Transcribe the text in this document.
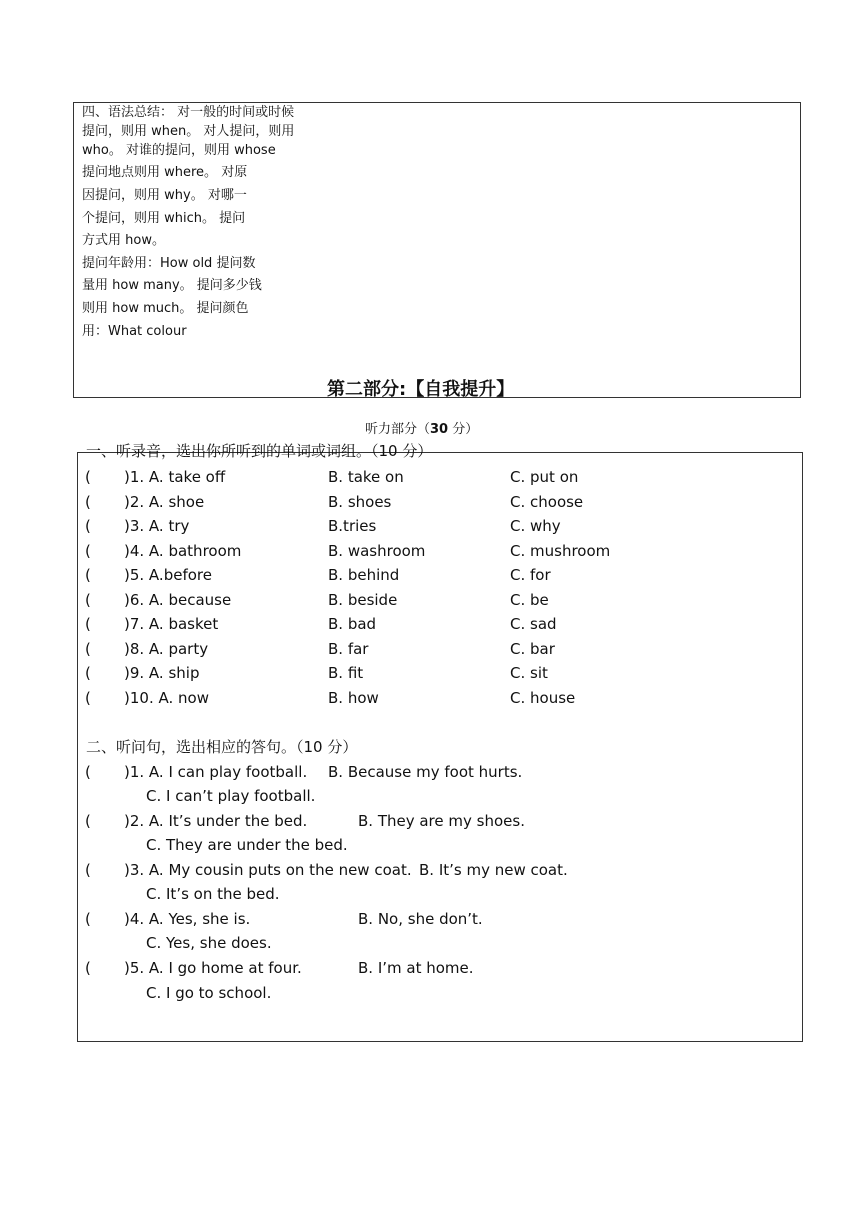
四、语法总结： 对一般的时间或时候
提问，则用 when。 对人提问，则用
who。 对谁的提问，则用 whose
提问地点则用 where。 对原
因提问，则用 why。 对哪一
个提问，则用 which。 提问
方式用 how。
提问年龄用：How old 提问数
量用 how many。 提问多少钱
则用 how much。 提问颜色
用：What colour
第二部分:【自我提升】
听力部分（30 分）
一、听录音，选出你所听到的单词或词组。（10 分）
( )1. A. take off	B. take on	C. put on
( )2. A. shoe	B. shoes	C. choose
( )3. A. try	B.tries	C. why
( )4. A. bathroom	B. washroom	C. mushroom
( )5. A.before	B. behind	C. for
( )6. A. because	B. beside	C. be
( )7. A. basket	B. bad	C. sad
( )8. A. party	B. far	C. bar
( )9. A. ship	B. fit	C. sit
( )10. A. now	B. how	C. house
二、听问句，选出相应的答句。（10 分）
( )1. A. I can play football. B. Because my foot hurts.
C. I can’t play football.
( )2. A. It’s under the bed.	B. They are my shoes.
C. They are under the bed.
( )3. A. My cousin puts on the new coat. B. It’s my new coat.
C. It’s on the bed.
( )4. A. Yes, she is.	B. No, she don’t.
C. Yes, she does.
( )5. A. I go home at four.	B. I’m at home.
C. I go to school.
